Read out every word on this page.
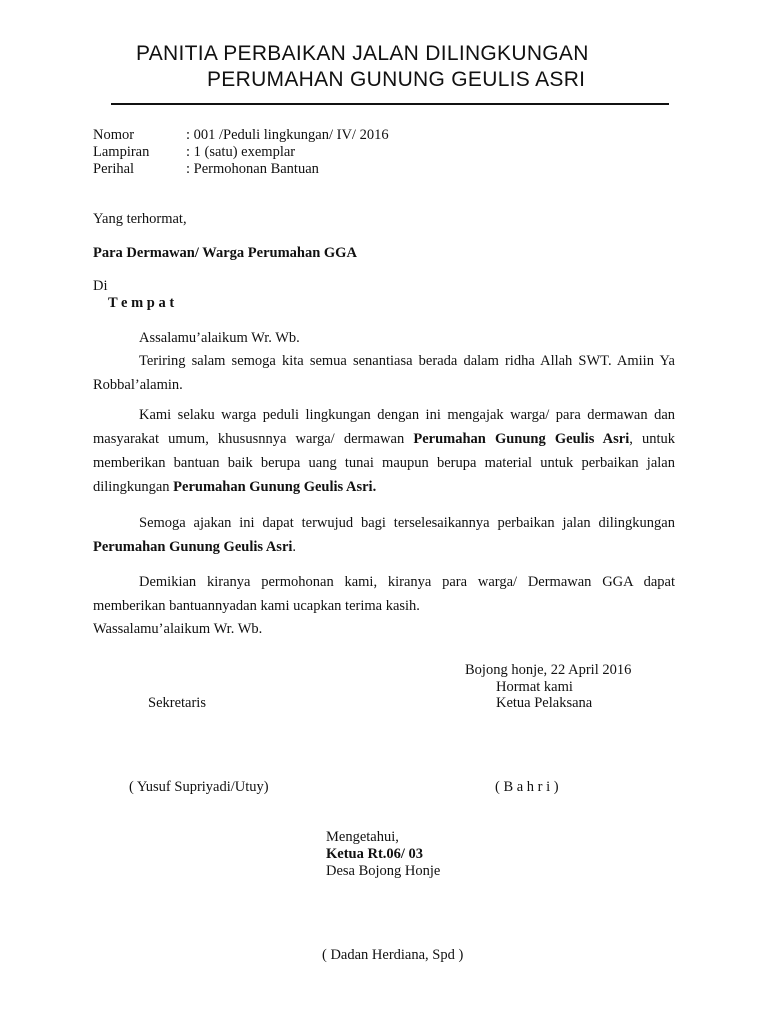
PANITIA PERBAIKAN JALAN DILINGKUNGAN
PERUMAHAN GUNUNG GEULIS ASRI
Nomor	: 001 /Peduli lingkungan/ IV/ 2016
Lampiran	: 1 (satu) exemplar
Perihal	: Permohonan Bantuan
Yang terhormat,
Para Dermawan/ Warga Perumahan GGA
Di
T e m p a t
Assalamu’alaikum Wr. Wb.
Teriring salam semoga kita semua senantiasa berada dalam ridha Allah SWT. Amiin Ya Robbal’alamin.
Kami selaku warga peduli lingkungan dengan ini mengajak warga/ para dermawan dan masyarakat umum, khususnnya warga/ dermawan Perumahan Gunung Geulis Asri, untuk memberikan bantuan baik berupa uang tunai maupun berupa material untuk perbaikan jalan dilingkungan Perumahan Gunung Geulis Asri.
Semoga ajakan ini dapat terwujud bagi terselesaikannya perbaikan jalan dilingkungan Perumahan Gunung Geulis Asri.
Demikian kiranya permohonan kami, kiranya para warga/ Dermawan GGA dapat memberikan bantuannyadan kami ucapkan terima kasih.
Wassalamu’alaikum Wr. Wb.
Bojong honje, 22 April 2016
Hormat kami
Sekretaris	Ketua Pelaksana
( Yusuf Supriyadi/Utuy)	( B a h r i )
Mengetahui,
Ketua Rt.06/ 03
Desa Bojong Honje
( Dadan Herdiana, Spd )
